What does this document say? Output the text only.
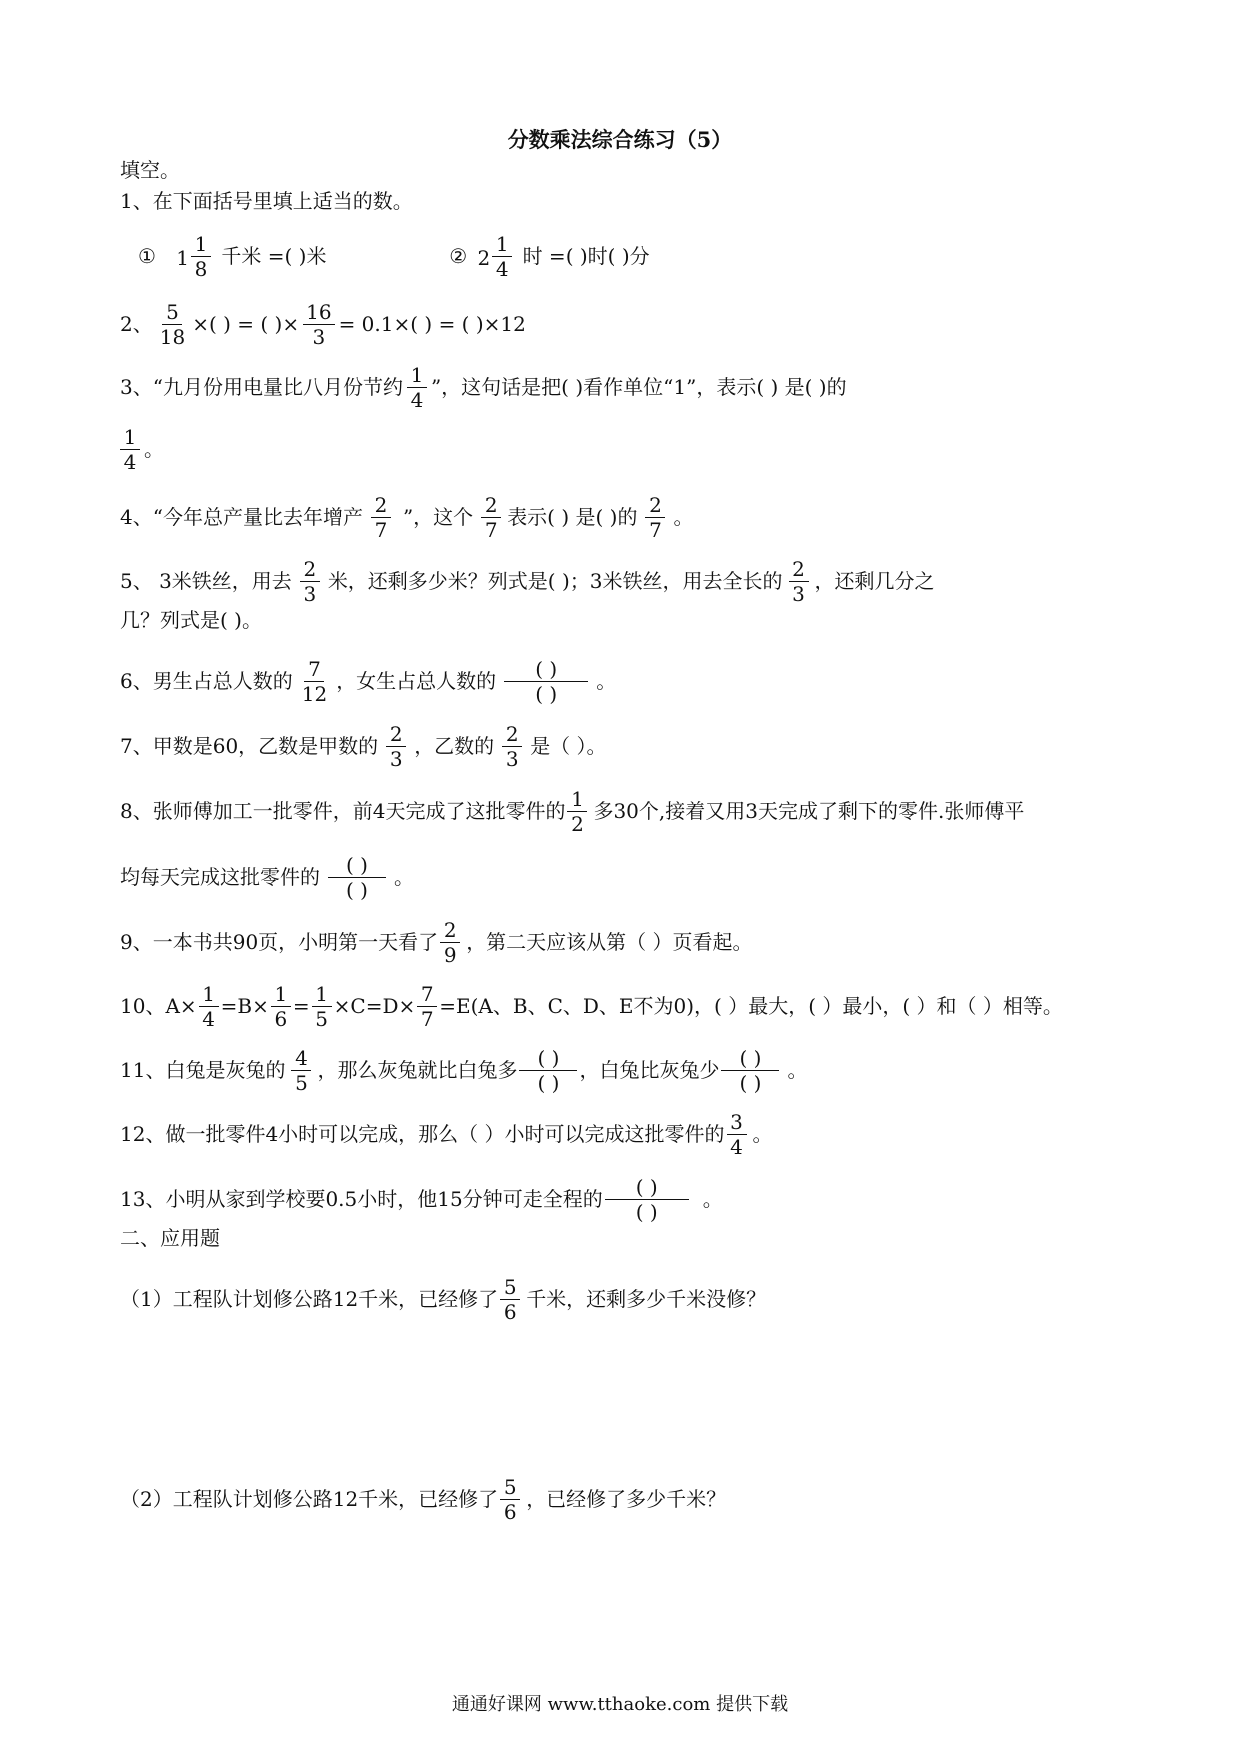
分数乘法综合练习（5）
填空。
1、在下面括号里填上适当的数。
① 1
1
8
千米 =( )米	② 2
1
4
时 =( )时( )分
2、 $\frac{5}{18}$ ×( ) = ( )× $\frac{16}{3} = 0.1\times$( ) = ( )×12
3、“九月份用电量比八月份节约 $\frac{1}{4}$ ”，这句话是把( )看作单位“1”，表示( ) 是( )的
$\frac{1}{4}$ 。
4、“今年总产量比去年增产 $\frac{2}{7}$ ”，这个 $\frac{2}{7}$ 表示( ) 是( )的 $\frac{2}{7}$ 。
5、 3米铁丝，用去 $\frac{2}{3}$ 米，还剩多少米？列式是( )；3米铁丝，用去全长的 $\frac{2}{3}$ ，还剩几分之
几？列式是( )。
6、男生占总人数的 $\frac{7}{12}$ ，女生占总人数的	( )
( )
。
7、甲数是60，乙数是甲数的 $\frac{2}{3}$ ，乙数的 $\frac{2}{3}$ 是（ ）。
8、张师傅加工一批零件，前4天完成了这批零件的 $\frac{1}{2}$ 多30个,接着又用3天完成了剩下的零件.张师傅平
均每天完成这批零件的	( )
( )
。
9、一本书共90页，小明第一天看了 $\frac{2}{9}$ ，第二天应该从第（ ）页看起。
10、$A\times \frac{1}{4} =B\times \frac{1}{6} = \frac{1}{5} \times C=D\times \frac{7}{7} =E(A$、B、C、D、E不为0)，( ）最大，( ）最小，( ）和（ ）相等。
11、白兔是灰兔的 $\frac{4}{5}$ ，那么灰兔就比白兔多	( )
( )
，白兔比灰兔少	( )
( )
。
12、做一批零件4小时可以完成，那么（ ）小时可以完成这批零件的 $\frac{3}{4}$ 。
13、小明从家到学校要0.5小时，他15分钟可走全程的	( )
( )
。
二、应用题
（1）工程队计划修公路12千米，已经修了 $\frac{5}{6}$ 千米，还剩多少千米没修？
（2）工程队计划修公路12千米，已经修了 $\frac{5}{6}$ ，已经修了多少千米？
通通好课网 www.tthaoke.com 提供下载
